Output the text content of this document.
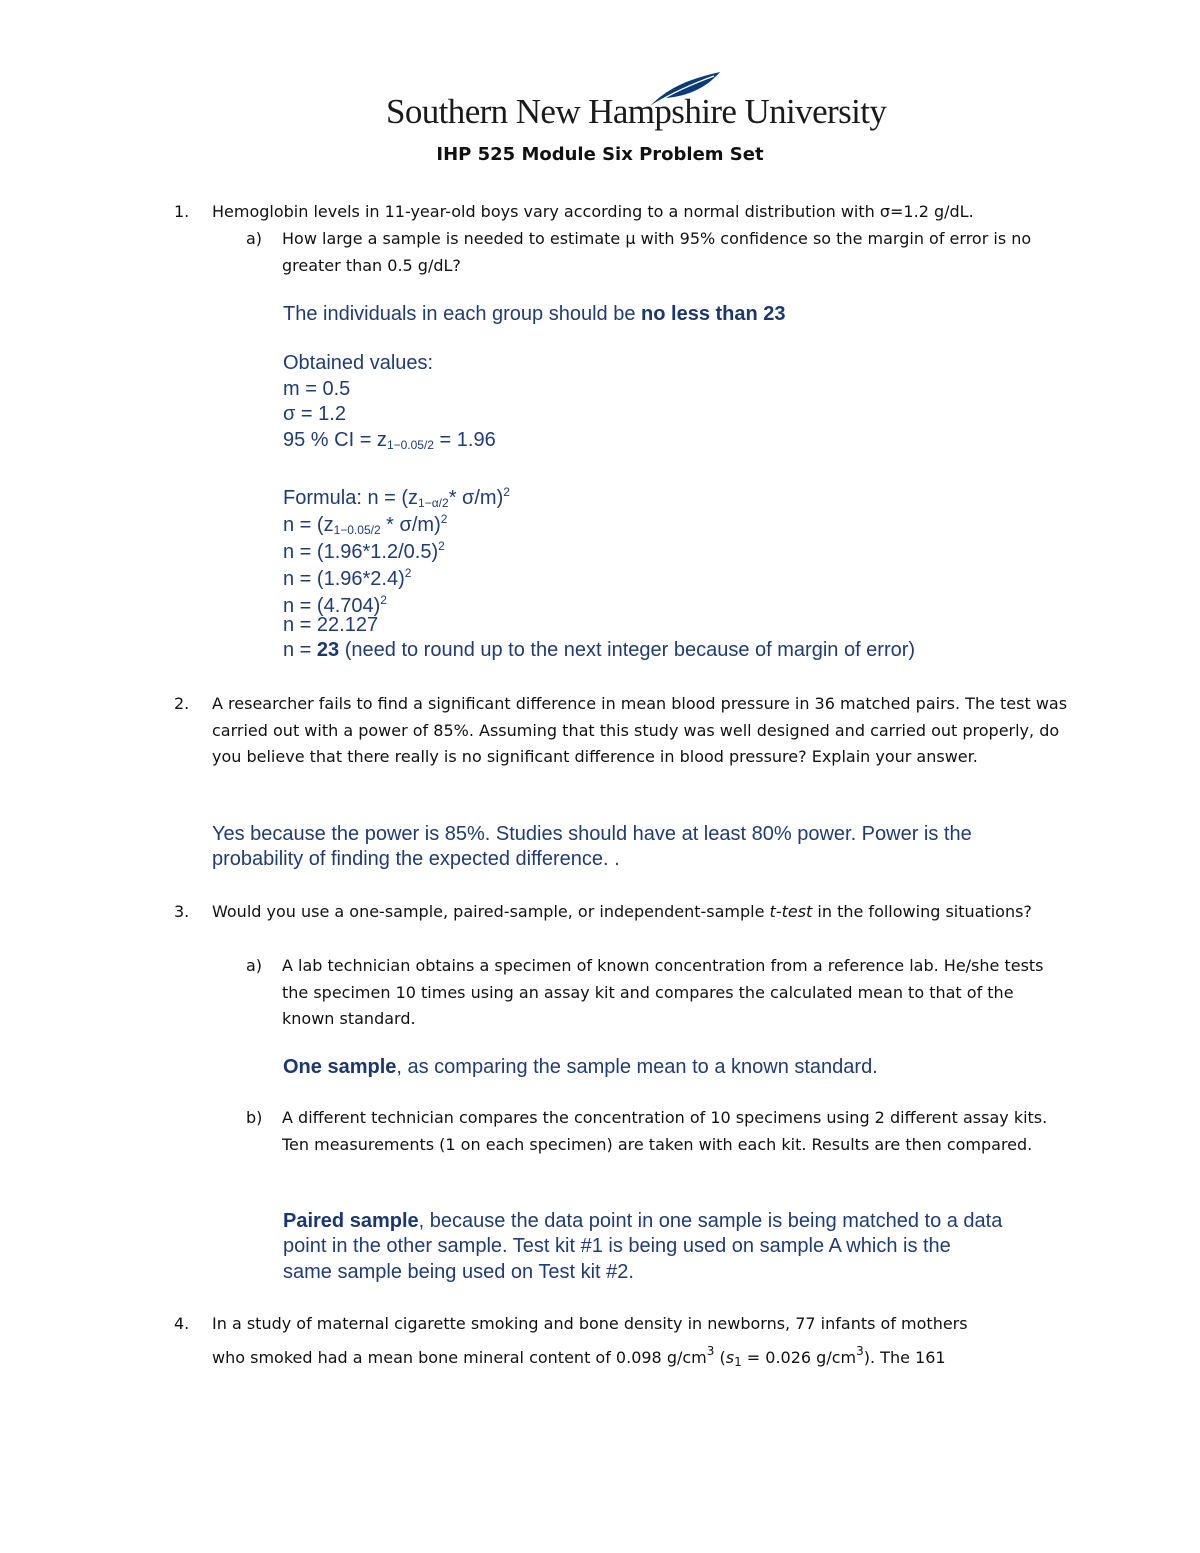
Southern New Hampshire University
IHP 525 Module Six Problem Set
1. Hemoglobin levels in 11-year-old boys vary according to a normal distribution with σ=1.2 g/dL.
a) How large a sample is needed to estimate μ with 95% confidence so the margin of error is no greater than 0.5 g/dL?
The individuals in each group should be no less than 23
Obtained values:
m = 0.5
σ = 1.2
95 % CI = $z_{1-0.05/2} = 1.96$
Formula: $n = (z_{1-\alpha/2}*$ σ/m)$^2$
$n = (z_{1-0.05/2} * \sigma/m)^2$
$n = (1.96*1.2/0.5)^2$
$n = (1.96*2.4)^2$
$n = (4.704)^2$
n = 22.127
n = 23 (need to round up to the next integer because of margin of error)
2. A researcher fails to find a significant difference in mean blood pressure in 36 matched pairs. The test was carried out with a power of 85%. Assuming that this study was well designed and carried out properly, do you believe that there really is no significant difference in blood pressure? Explain your answer.
Yes because the power is 85%. Studies should have at least 80% power. Power is the
probability of finding the expected difference. .
3. Would you use a one-sample, paired-sample, or independent-sample t-test in the following situations?
a) A lab technician obtains a specimen of known concentration from a reference lab. He/she tests the specimen 10 times using an assay kit and compares the calculated mean to that of the known standard.
One sample, as comparing the sample mean to a known standard.
b) A different technician compares the concentration of 10 specimens using 2 different assay kits. Ten measurements (1 on each specimen) are taken with each kit. Results are then compared.
Paired sample, because the data point in one sample is being matched to a data
point in the other sample. Test kit #1 is being used on sample A which is the
same sample being used on Test kit #2.
4. In a study of maternal cigarette smoking and bone density in newborns, 77 infants of mothers
who smoked had a mean bone mineral content of 0.098 $g/cm^3$ ($s_1 = 0.026$ $g/cm^3$). The 161
